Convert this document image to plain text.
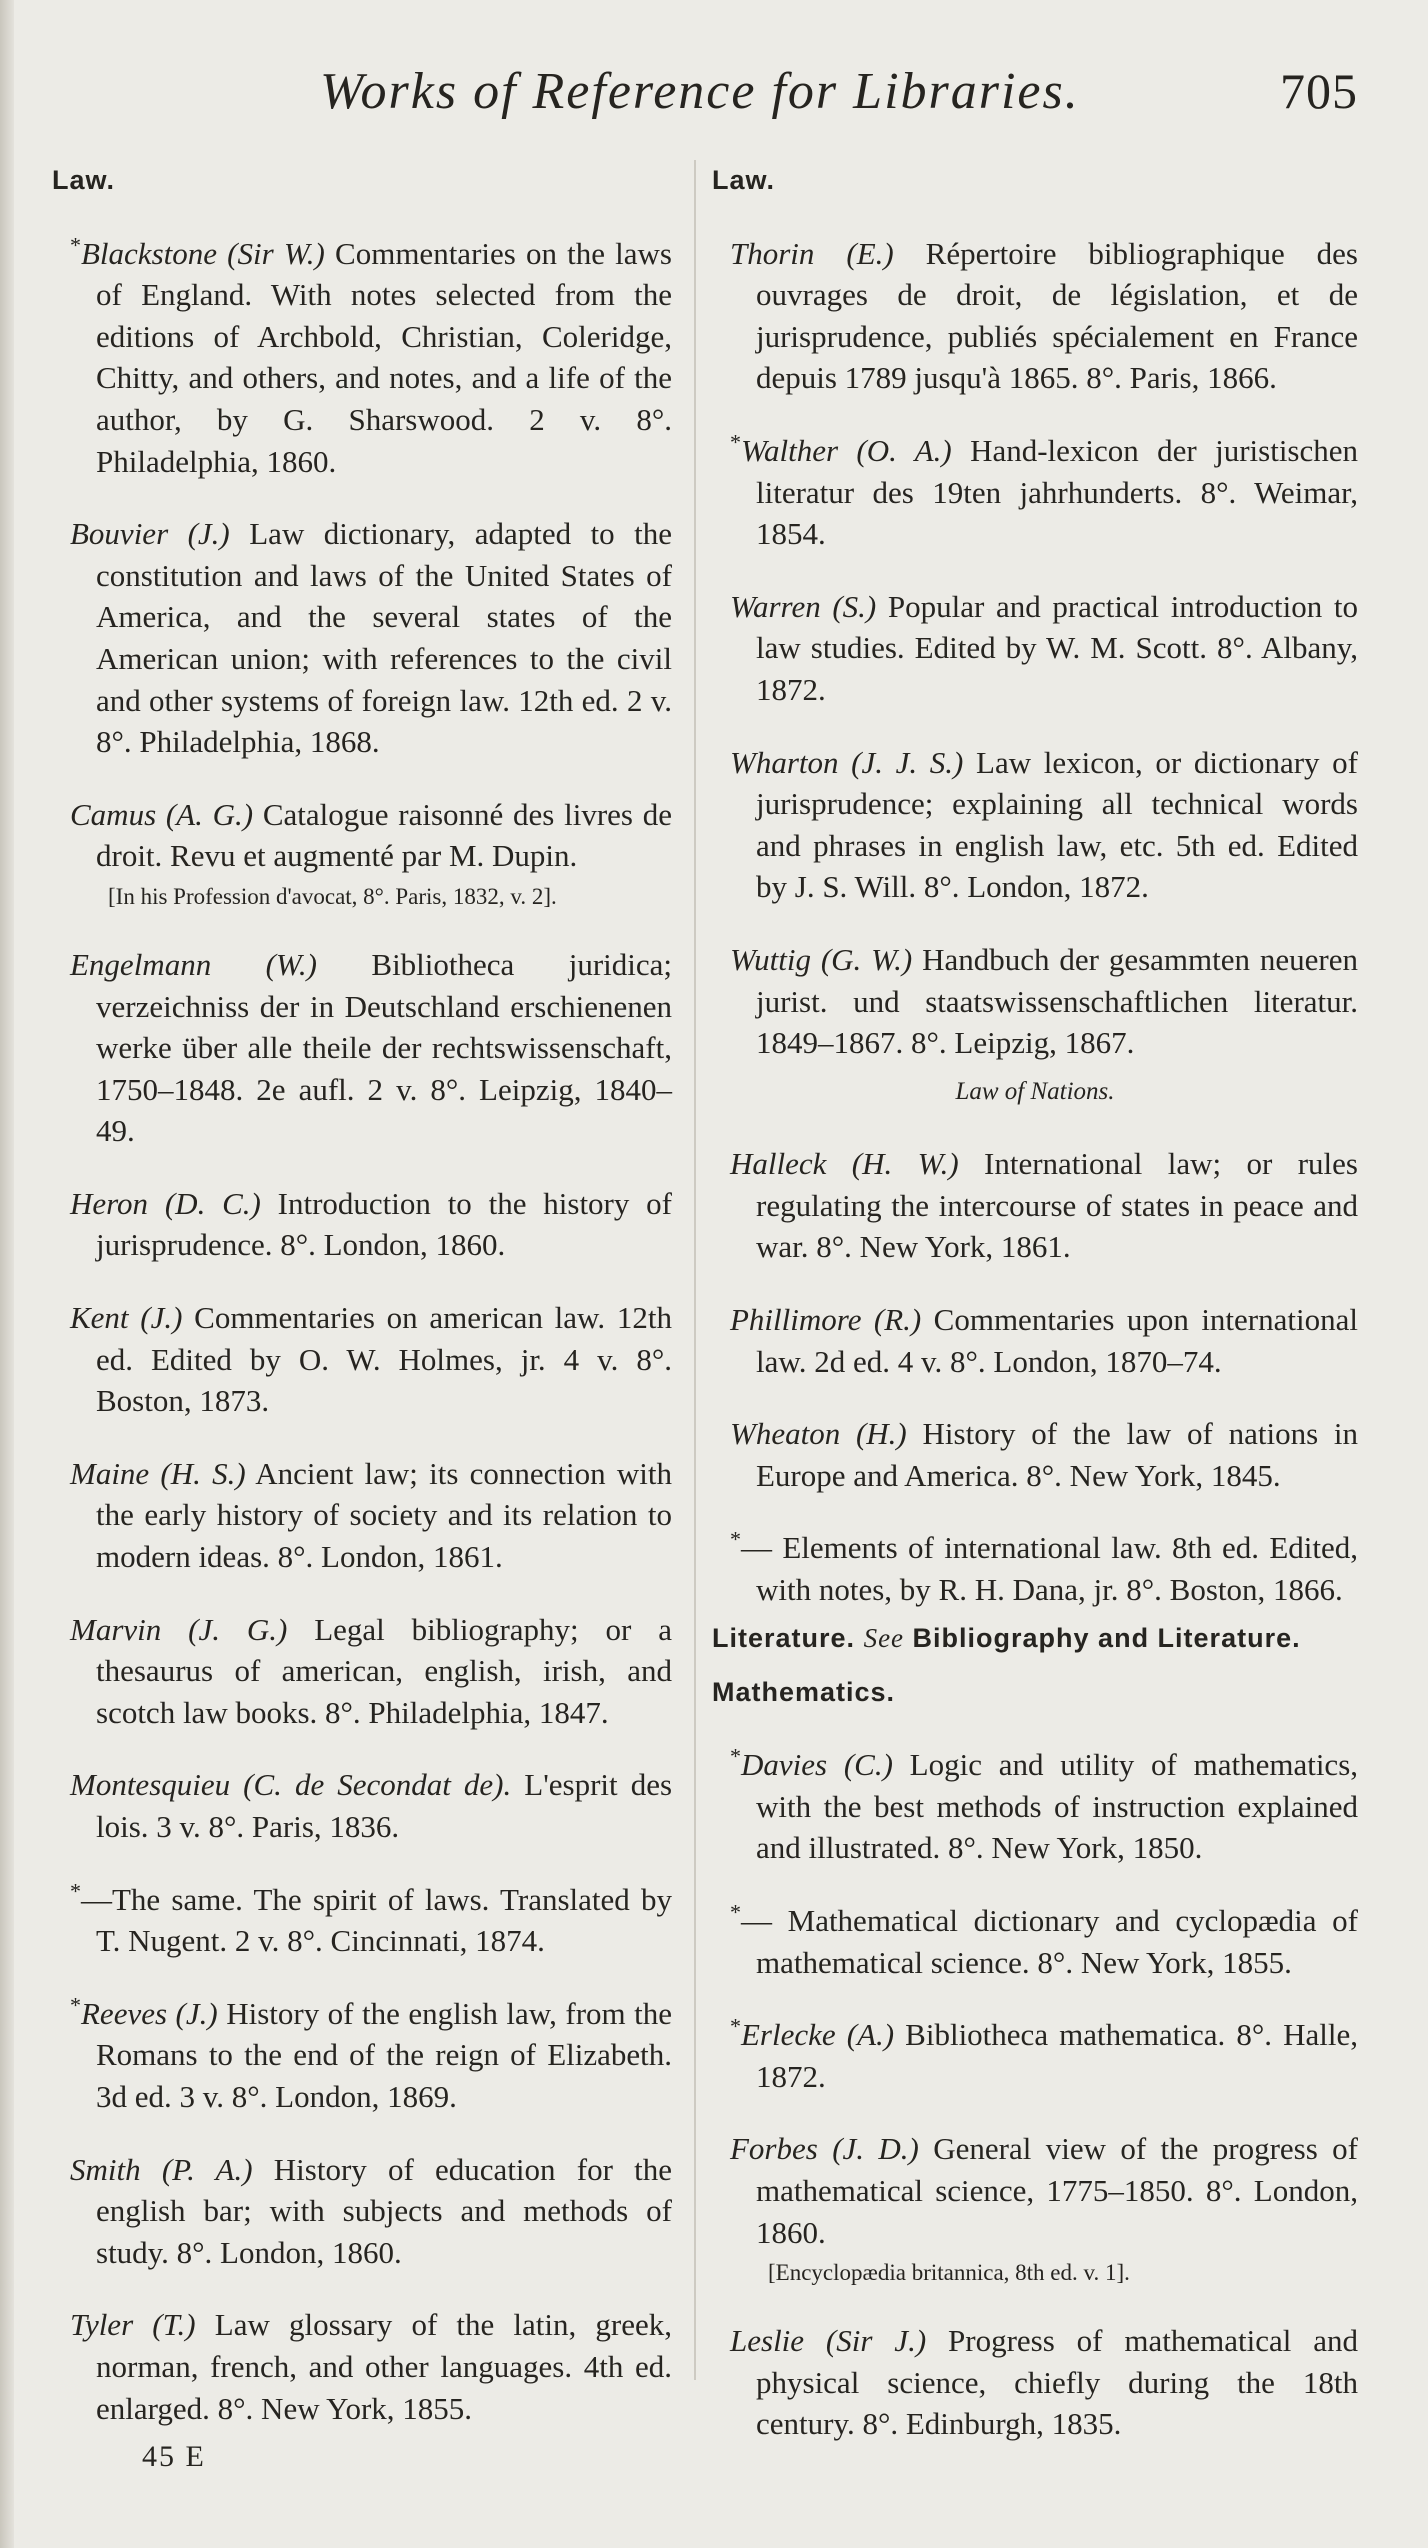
Works of Reference for Libraries.	705
Law.

*Blackstone (Sir W.) Commentaries on the laws of England. With notes selected from the editions of Archbold, Christian, Coleridge, Chitty, and others, and notes, and a life of the author, by G. Sharswood. 2 v. 8°. Philadelphia, 1860.

Bouvier (J.) Law dictionary, adapted to the constitution and laws of the United States of America, and the several states of the American union; with references to the civil and other systems of foreign law. 12th ed. 2 v. 8°. Philadelphia, 1868.

Camus (A. G.) Catalogue raisonné des livres de droit. Revu et augmenté par M. Dupin.
[In his Profession d'avocat, 8°. Paris, 1832, v. 2].

Engelmann (W.) Bibliotheca juridica; verzeichniss der in Deutschland erschienenen werke über alle theile der rechtswissenschaft, 1750–1848. 2e aufl. 2 v. 8°. Leipzig, 1840–49.

Heron (D. C.) Introduction to the history of jurisprudence. 8°. London, 1860.

Kent (J.) Commentaries on american law. 12th ed. Edited by O. W. Holmes, jr. 4 v. 8°. Boston, 1873.

Maine (H. S.) Ancient law; its connection with the early history of society and its relation to modern ideas. 8°. London, 1861.

Marvin (J. G.) Legal bibliography; or a thesaurus of american, english, irish, and scotch law books. 8°. Philadelphia, 1847.

Montesquieu (C. de Secondat de). L'esprit des lois. 3 v. 8°. Paris, 1836.

*—The same. The spirit of laws. Translated by T. Nugent. 2 v. 8°. Cincinnati, 1874.

*Reeves (J.) History of the english law, from the Romans to the end of the reign of Elizabeth. 3d ed. 3 v. 8°. London, 1869.

Smith (P. A.) History of education for the english bar; with subjects and methods of study. 8°. London, 1860.

Tyler (T.) Law glossary of the latin, greek, norman, french, and other languages. 4th ed. enlarged. 8°. New York, 1855.

45 E
Law.

Thorin (E.) Répertoire bibliographique des ouvrages de droit, de législation, et de jurisprudence, publiés spécialement en France depuis 1789 jusqu'à 1865. 8°. Paris, 1866.

*Walther (O. A.) Hand-lexicon der juristischen literatur des 19ten jahrhunderts. 8°. Weimar, 1854.

Warren (S.) Popular and practical introduction to law studies. Edited by W. M. Scott. 8°. Albany, 1872.

Wharton (J. J. S.) Law lexicon, or dictionary of jurisprudence; explaining all technical words and phrases in english law, etc. 5th ed. Edited by J. S. Will. 8°. London, 1872.

Wuttig (G. W.) Handbuch der gesammten neueren jurist. und staatswissenschaftlichen literatur. 1849–1867. 8°. Leipzig, 1867.

Law of Nations.

Halleck (H. W.) International law; or rules regulating the intercourse of states in peace and war. 8°. New York, 1861.

Phillimore (R.) Commentaries upon international law. 2d ed. 4 v. 8°. London, 1870–74.

Wheaton (H.) History of the law of nations in Europe and America. 8°. New York, 1845.

*— Elements of international law. 8th ed. Edited, with notes, by R. H. Dana, jr. 8°. Boston, 1866.

Literature. See Bibliography and Literature.
Mathematics.

*Davies (C.) Logic and utility of mathematics, with the best methods of instruction explained and illustrated. 8°. New York, 1850.

*— Mathematical dictionary and cyclopædia of mathematical science. 8°. New York, 1855.

*Erlecke (A.) Bibliotheca mathematica. 8°. Halle, 1872.

Forbes (J. D.) General view of the progress of mathematical science, 1775–1850. 8°. London, 1860.
[Encyclopædia britannica, 8th ed. v. 1].

Leslie (Sir J.) Progress of mathematical and physical science, chiefly during the 18th century. 8°. Edinburgh, 1835.
